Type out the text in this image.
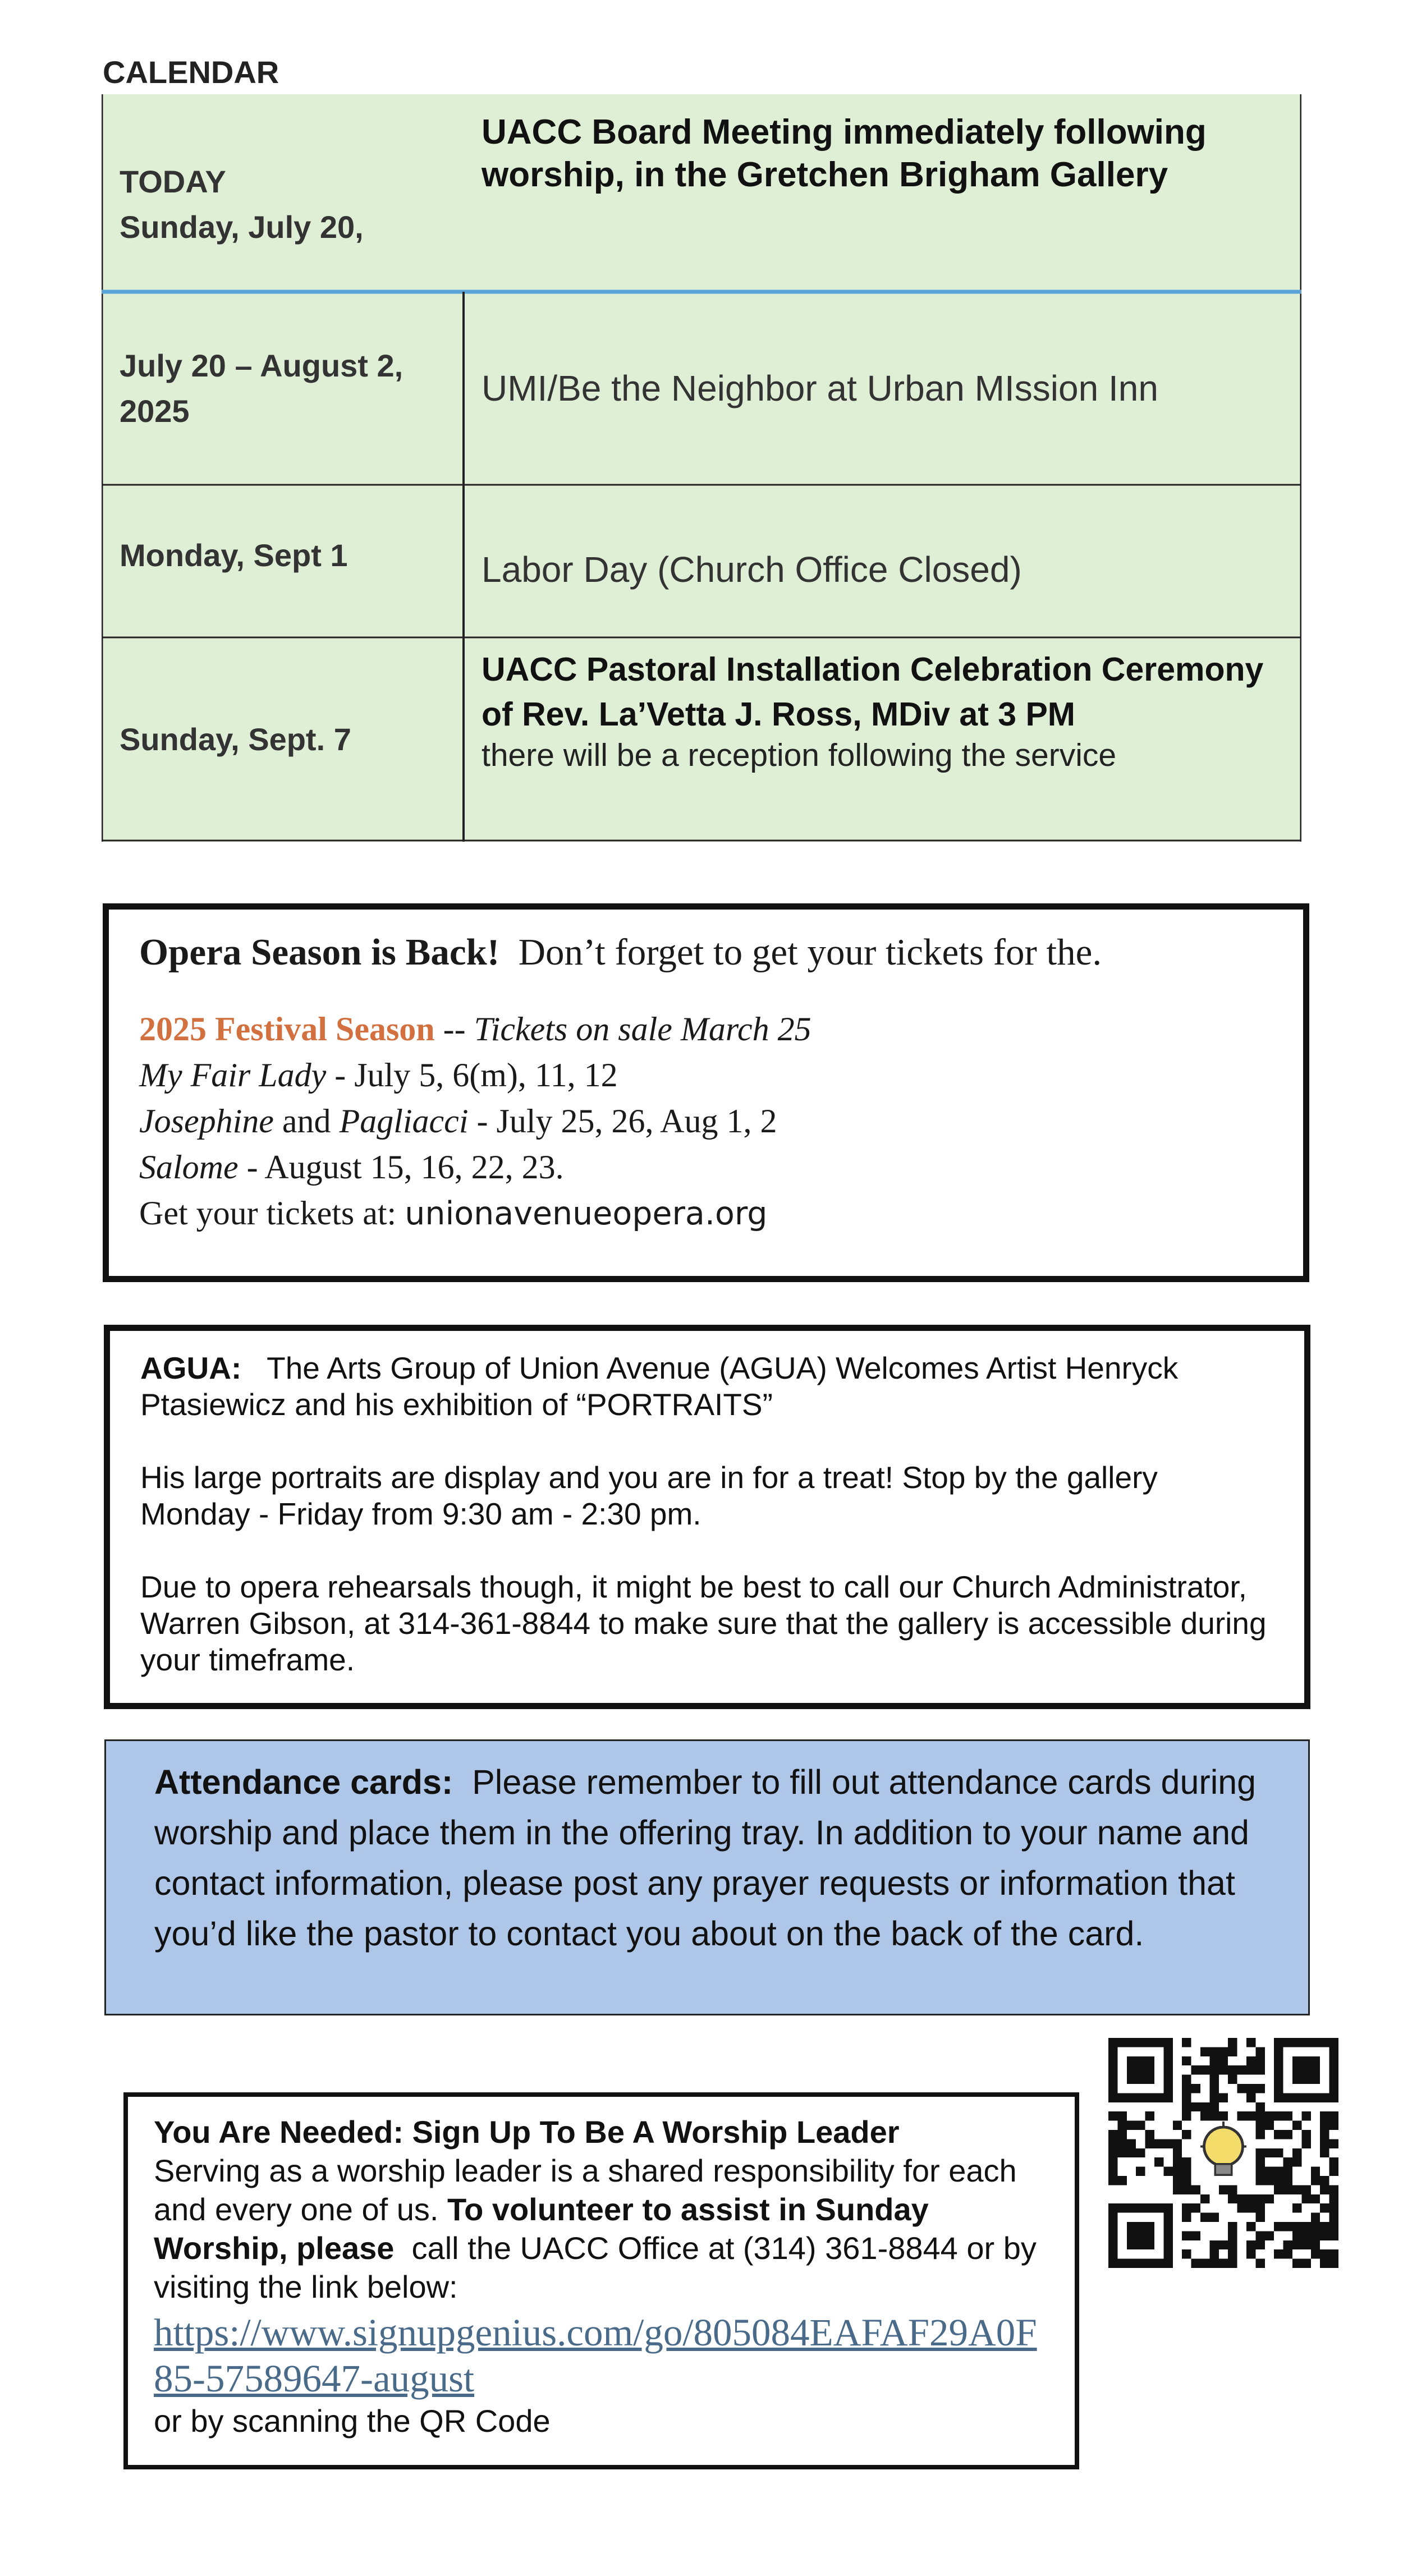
CALENDAR
TODAY
Sunday, July 20,
UACC Board Meeting immediately following worship, in the Gretchen Brigham Gallery
July 20 – August 2, 2025
UMI/Be the Neighbor at Urban MIssion Inn
Monday, Sept 1	Labor Day (Church Office Closed)
Sunday, Sept. 7
UACC Pastoral Installation Celebration Ceremony of Rev. La’Vetta J. Ross, MDiv at 3 PM
there will be a reception following the service
Opera Season is Back! Don’t forget to get your tickets for the.
2025 Festival Season -- Tickets on sale March 25
My Fair Lady - July 5, 6(m), 11, 12
Josephine and Pagliacci - July 25, 26, Aug 1, 2
Salome - August 15, 16, 22, 23.
Get your tickets at: unionavenueopera.org

AGUA: The Arts Group of Union Avenue (AGUA) Welcomes Artist Henryck Ptasiewicz and his exhibition of “PORTRAITS”

His large portraits are display and you are in for a treat! Stop by the gallery Monday - Friday from 9:30 am - 2:30 pm.

Due to opera rehearsals though, it might be best to call our Church Administrator, Warren Gibson, at 314-361-8844 to make sure that the gallery is accessible during your timeframe.

Attendance cards: Please remember to fill out attendance cards during worship and place them in the offering tray. In addition to your name and contact information, please post any prayer requests or information that you’d like the pastor to contact you about on the back of the card.
You Are Needed: Sign Up To Be A Worship Leader
Serving as a worship leader is a shared responsibility for each and every one of us. To volunteer to assist in Sunday Worship, please call the UACC Office at (314) 361-8844 or by visiting the link below:
https://www.signupgenius.com/go/805084EAFAF29A0F85-57589647-august
or by scanning the QR Code
